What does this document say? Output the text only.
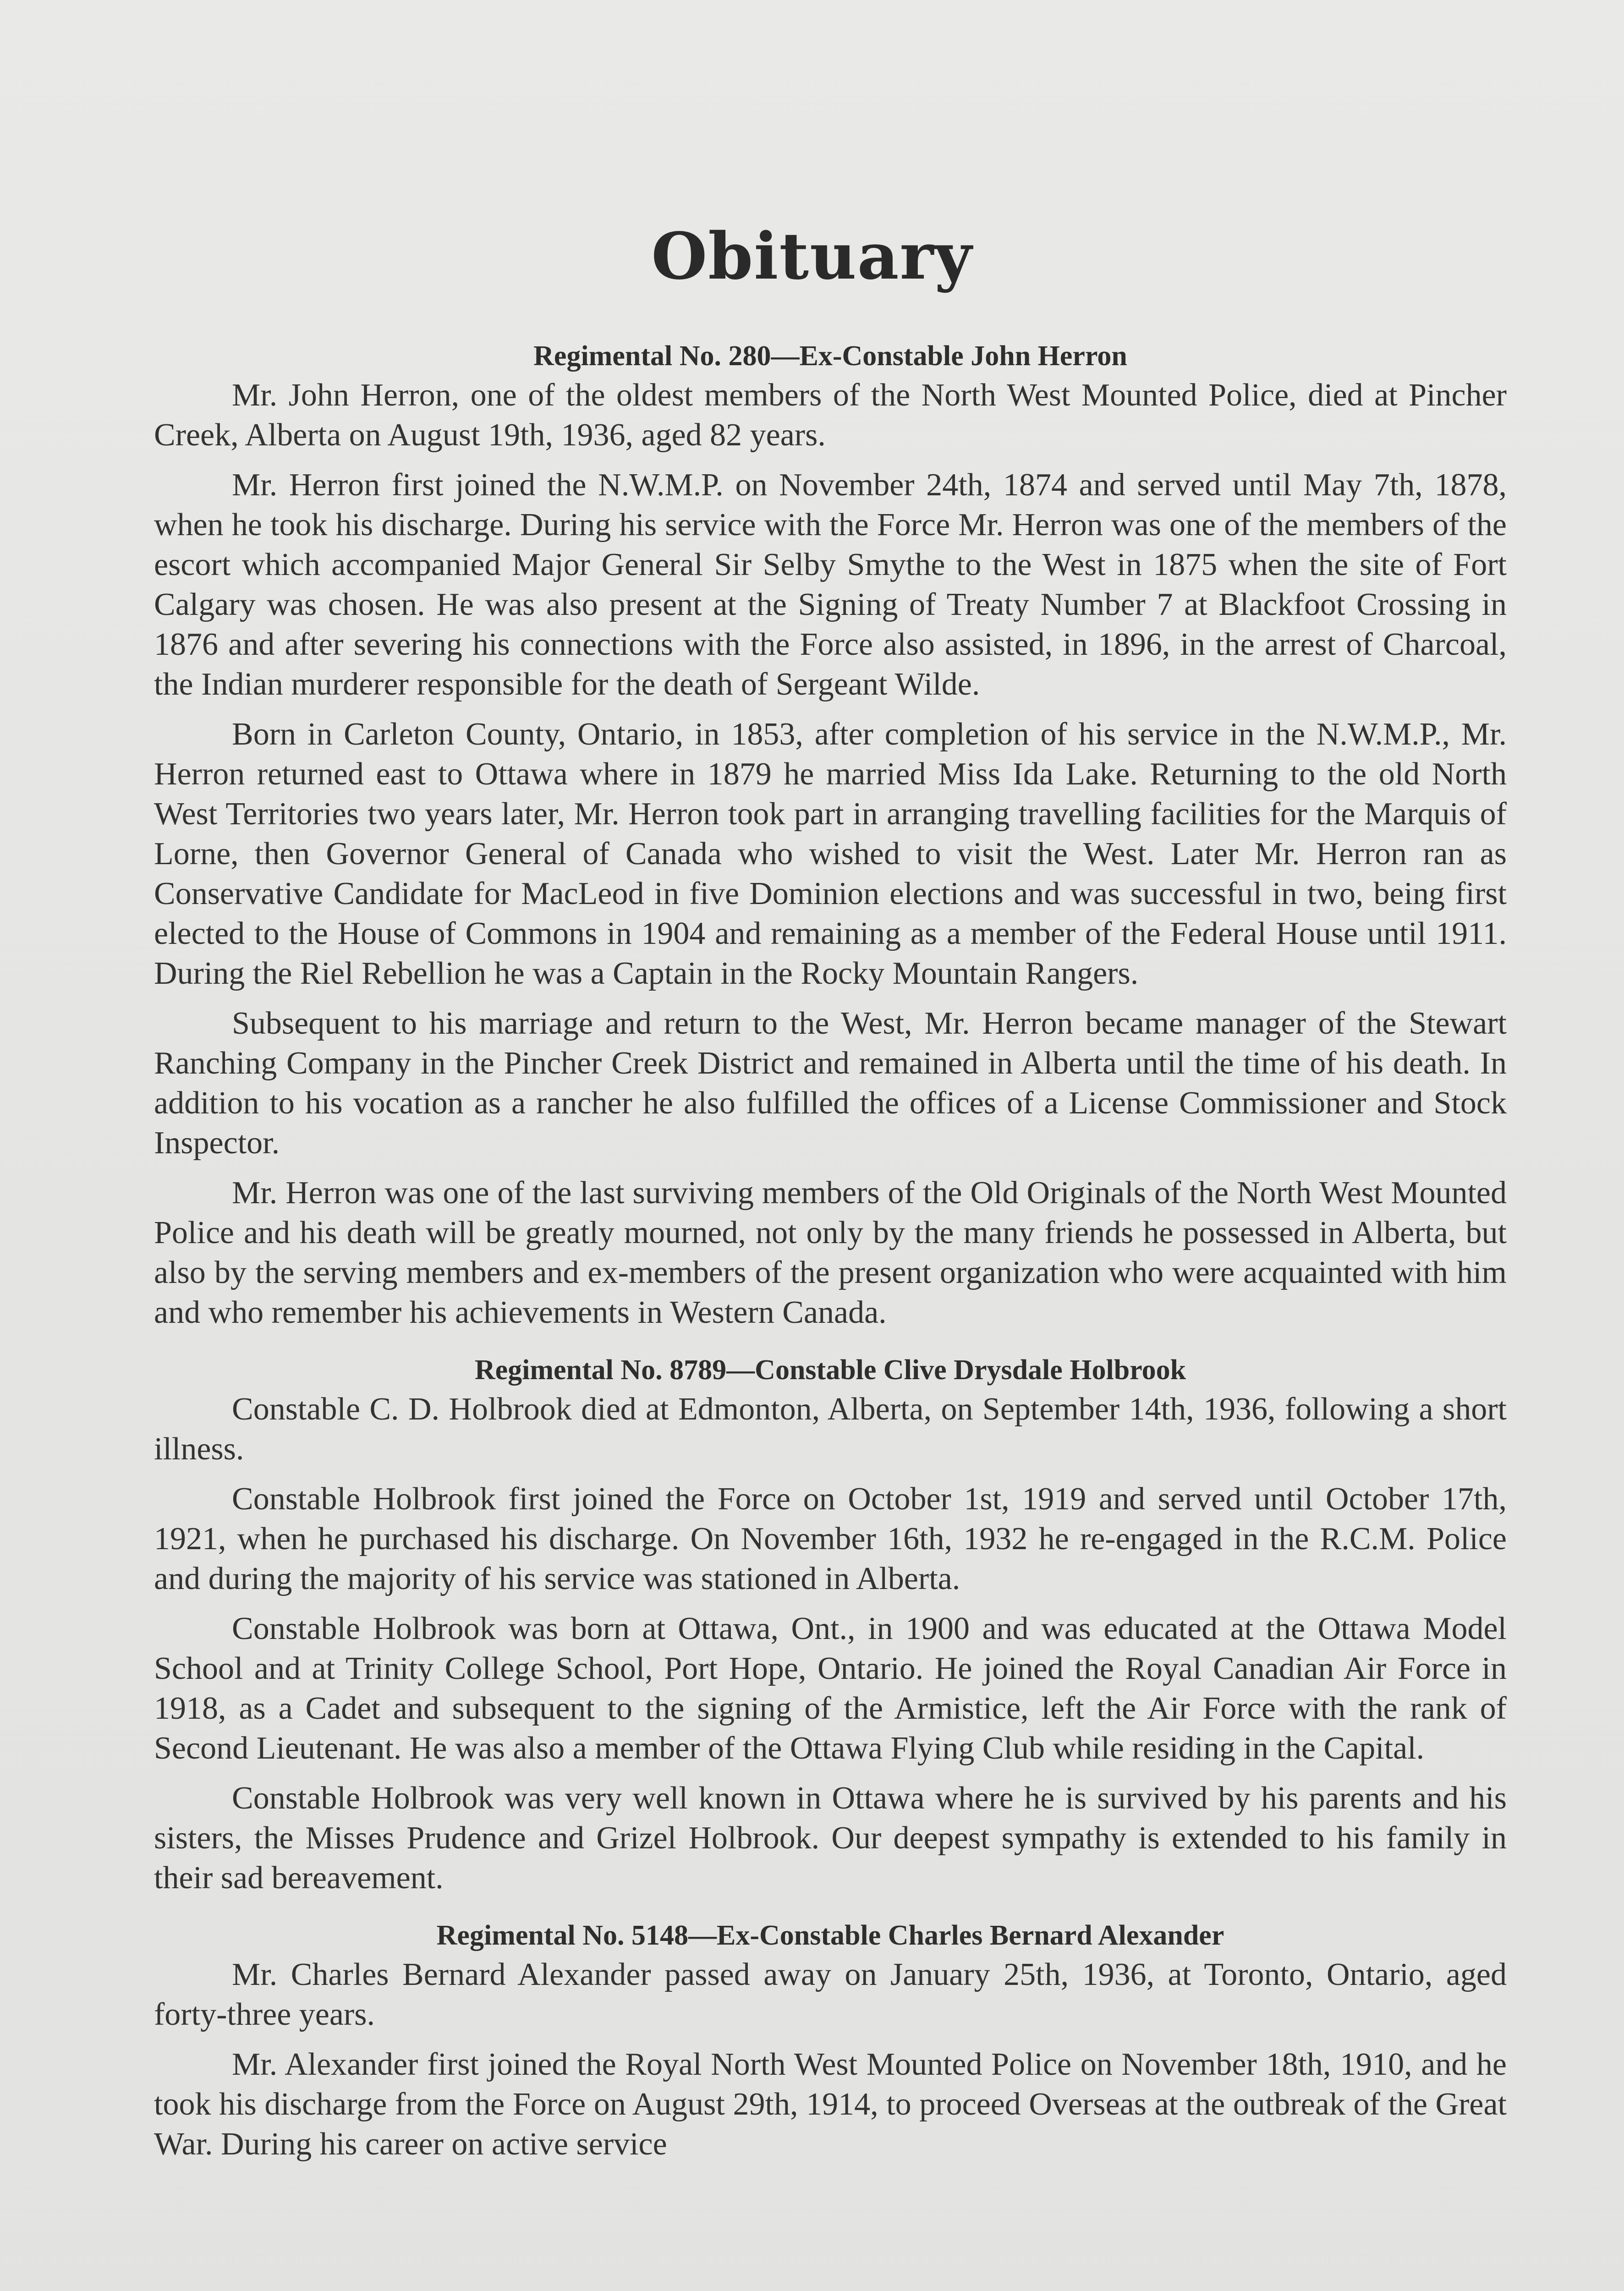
Obituary

Regimental No. 280—Ex-Constable John Herron

Mr. John Herron, one of the oldest members of the North West Mounted Police, died at Pincher Creek, Alberta on August 19th, 1936, aged 82 years.

Mr. Herron first joined the N.W.M.P. on November 24th, 1874 and served until May 7th, 1878, when he took his discharge. During his service with the Force Mr. Herron was one of the members of the escort which accompanied Major General Sir Selby Smythe to the West in 1875 when the site of Fort Calgary was chosen. He was also present at the Signing of Treaty Number 7 at Blackfoot Crossing in 1876 and after severing his connections with the Force also assisted, in 1896, in the arrest of Charcoal, the Indian murderer responsible for the death of Sergeant Wilde.

Born in Carleton County, Ontario, in 1853, after completion of his service in the N.W.M.P., Mr. Herron returned east to Ottawa where in 1879 he married Miss Ida Lake. Returning to the old North West Territories two years later, Mr. Herron took part in arranging travelling facilities for the Marquis of Lorne, then Governor General of Canada who wished to visit the West. Later Mr. Herron ran as Conservative Candidate for MacLeod in five Dominion elections and was successful in two, being first elected to the House of Commons in 1904 and remaining as a member of the Federal House until 1911. During the Riel Rebellion he was a Captain in the Rocky Mountain Rangers.

Subsequent to his marriage and return to the West, Mr. Herron became manager of the Stewart Ranching Company in the Pincher Creek District and remained in Alberta until the time of his death. In addition to his vocation as a rancher he also fulfilled the offices of a License Commissioner and Stock Inspector.

Mr. Herron was one of the last surviving members of the Old Originals of the North West Mounted Police and his death will be greatly mourned, not only by the many friends he possessed in Alberta, but also by the serving members and ex-members of the present organization who were acquainted with him and who remember his achievements in Western Canada.

Regimental No. 8789—Constable Clive Drysdale Holbrook

Constable C. D. Holbrook died at Edmonton, Alberta, on September 14th, 1936, following a short illness.

Constable Holbrook first joined the Force on October 1st, 1919 and served until October 17th, 1921, when he purchased his discharge. On November 16th, 1932 he re-engaged in the R.C.M. Police and during the majority of his service was stationed in Alberta.

Constable Holbrook was born at Ottawa, Ont., in 1900 and was educated at the Ottawa Model School and at Trinity College School, Port Hope, Ontario. He joined the Royal Canadian Air Force in 1918, as a Cadet and subsequent to the signing of the Armistice, left the Air Force with the rank of Second Lieutenant. He was also a member of the Ottawa Flying Club while residing in the Capital.

Constable Holbrook was very well known in Ottawa where he is survived by his parents and his sisters, the Misses Prudence and Grizel Holbrook. Our deepest sympathy is extended to his family in their sad bereavement.

Regimental No. 5148—Ex-Constable Charles Bernard Alexander

Mr. Charles Bernard Alexander passed away on January 25th, 1936, at Toronto, Ontario, aged forty-three years.

Mr. Alexander first joined the Royal North West Mounted Police on November 18th, 1910, and he took his discharge from the Force on August 29th, 1914, to proceed Overseas at the outbreak of the Great War. During his career on active service
